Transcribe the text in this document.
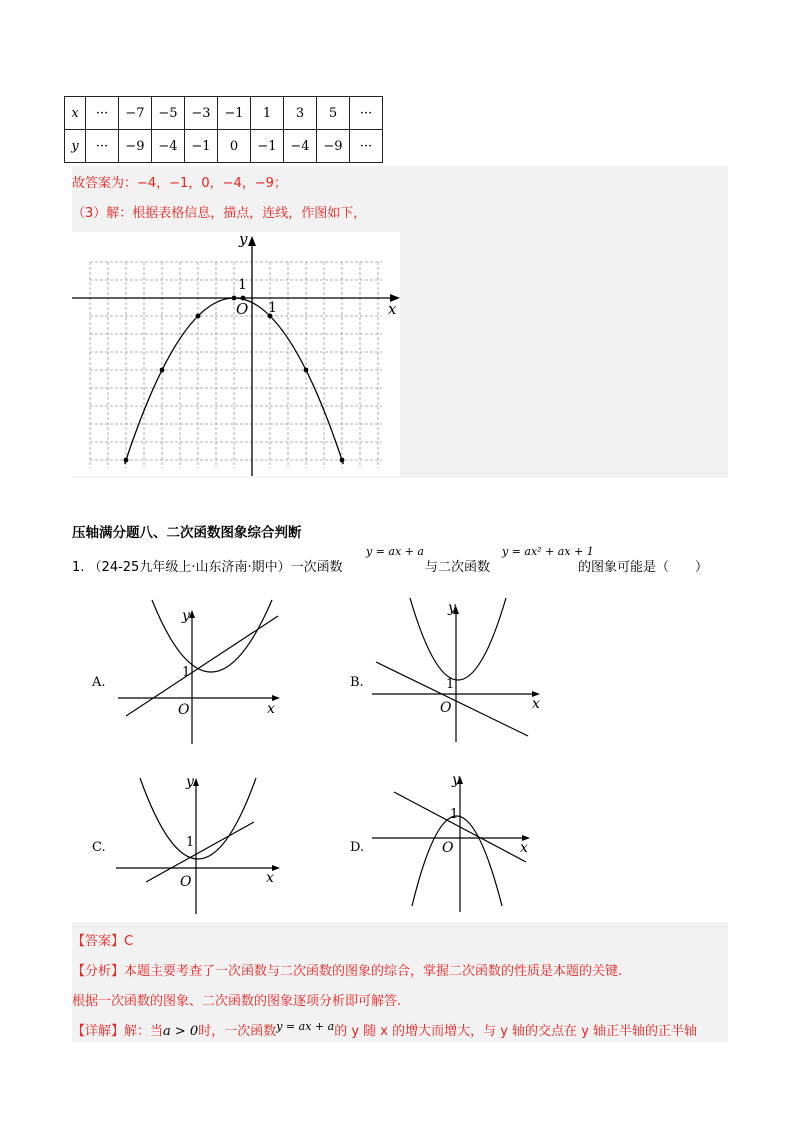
x	···	−7	−5	−3	−1	1	3	5	···
y	···	−9	−4	−1	0	−1	−4	−9	···
故答案为：−4，−1，0，−4，−9；
（3）解：根据表格信息，描点，连线，作图如下，
y
x
O
1
1
压轴满分题八、二次函数图象综合判断
1. （24-25九年级上·山东济南·期中）一次函数
y = ax + a
与二次函数
y = ax² + ax + 1
的图象可能是（　　）
A.
y
x
O
1
B.
y
x
O
1
C.
y
x
O
1	D.
y
x
O
1
【答案】C
【分析】本题主要考查了一次函数与二次函数的图象的综合，掌握二次函数的性质是本题的关键.
根据一次函数的图象、二次函数的图象逐项分析即可解答.
【详解】解：当a > 0时，一次函数$^{y = ax + a}$的 y 随 x 的增大而增大，与 y 轴的交点在 y 轴正半轴的正半轴
